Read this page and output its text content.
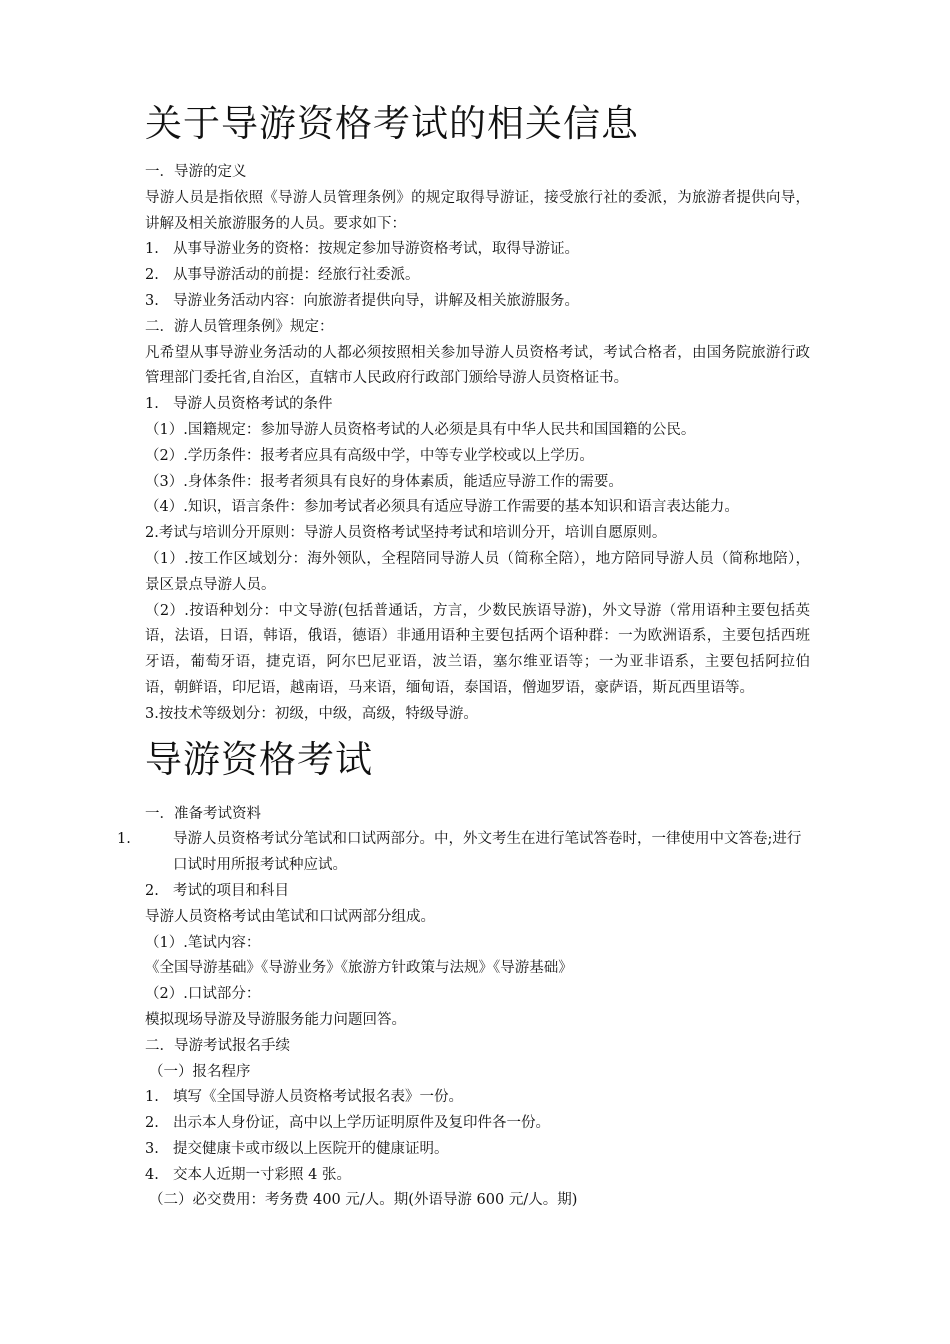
关于导游资格考试的相关信息
一．导游的定义
导游人员是指依照《导游人员管理条例》的规定取得导游证，接受旅行社的委派，为旅游者提供向导，讲解及相关旅游服务的人员。要求如下：
1. 从事导游业务的资格：按规定参加导游资格考试，取得导游证。
2. 从事导游活动的前提：经旅行社委派。
3. 导游业务活动内容：向旅游者提供向导，讲解及相关旅游服务。
二．游人员管理条例》规定：
凡希望从事导游业务活动的人都必须按照相关参加导游人员资格考试，考试合格者，由国务院旅游行政管理部门委托省,自治区，直辖市人民政府行政部门颁给导游人员资格证书。
1. 导游人员资格考试的条件
（1）.国籍规定：参加导游人员资格考试的人必须是具有中华人民共和国国籍的公民。
（2）.学历条件：报考者应具有高级中学，中等专业学校或以上学历。
（3）.身体条件：报考者须具有良好的身体素质，能适应导游工作的需要。
（4）.知识，语言条件：参加考试者必须具有适应导游工作需要的基本知识和语言表达能力。
2.考试与培训分开原则：导游人员资格考试坚持考试和培训分开，培训自愿原则。
（1）.按工作区域划分：海外领队，全程陪同导游人员（简称全陪），地方陪同导游人员（简称地陪），景区景点导游人员。
（2）.按语种划分：中文导游(包括普通话，方言，少数民族语导游)，外文导游（常用语种主要包括英语，法语，日语，韩语，俄语，德语）非通用语种主要包括两个语种群：一为欧洲语系，主要包括西班牙语，葡萄牙语，捷克语，阿尔巴尼亚语，波兰语，塞尔维亚语等；一为亚非语系，主要包括阿拉伯语，朝鲜语，印尼语，越南语，马来语，缅甸语，泰国语，僧迦罗语，豪萨语，斯瓦西里语等。
3.按技术等级划分：初级，中级，高级，特级导游。
导游资格考试
一．准备考试资料
1.	导游人员资格考试分笔试和口试两部分。中，外文考生在进行笔试答卷时，一律使用中文答卷;进行口试时用所报考试种应试。
2. 考试的项目和科目
导游人员资格考试由笔试和口试两部分组成。
（1）.笔试内容：
《全国导游基础》《导游业务》《旅游方针政策与法规》《导游基础》
（2）.口试部分：
模拟现场导游及导游服务能力问题回答。
二．导游考试报名手续
（一）报名程序
1. 填写《全国导游人员资格考试报名表》一份。
2. 出示本人身份证，高中以上学历证明原件及复印件各一份。
3. 提交健康卡或市级以上医院开的健康证明。
4. 交本人近期一寸彩照 4 张。
（二）必交费用：考务费 400 元/人。期(外语导游 600 元/人。期)
